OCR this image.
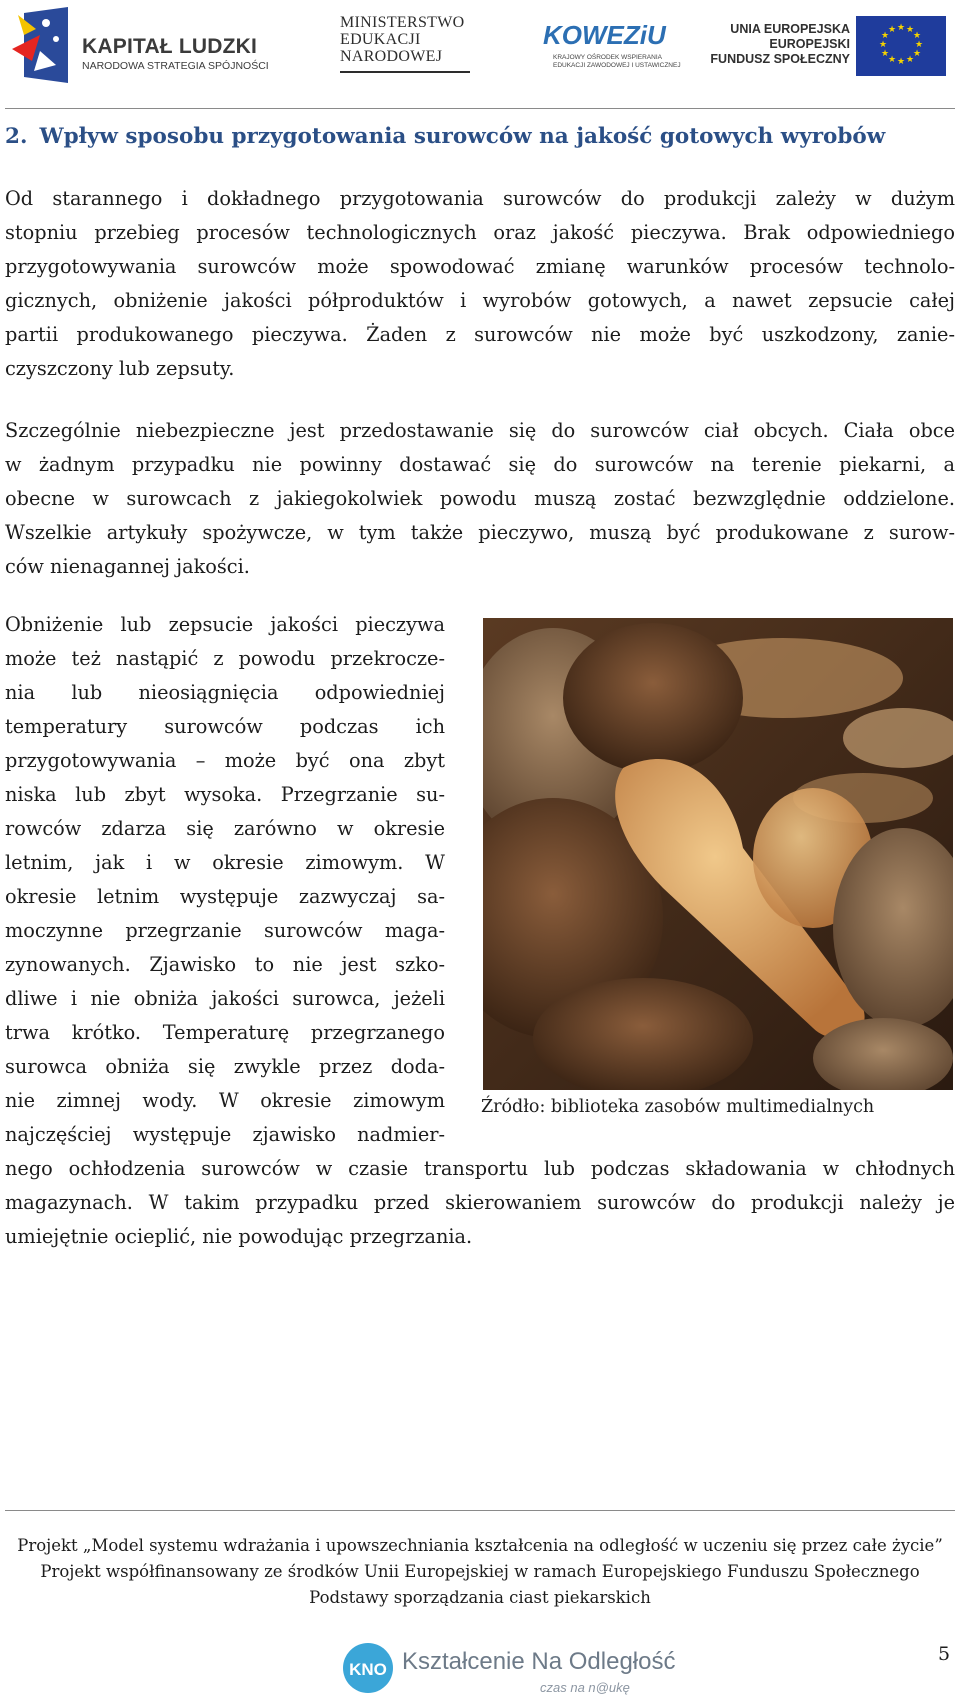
KAPITAŁ LUDZKI
NARODOWA STRATEGIA SPÓJNOŚCI
MINISTERSTWO
EDUKACJI
NARODOWEJ
KOWEZiU
KRAJOWY OŚRODEK WSPIERANIA
EDUKACJI ZAWODOWEJ I USTAWICZNEJ
UNIA EUROPEJSKA
EUROPEJSKI
FUNDUSZ SPOŁECZNY
★ ★
★
★
★
★
★
★
★
★
★
★
2. Wpływ sposobu przygotowania surowców na jakość gotowych wyrobów

Od starannego i dokładnego przygotowania surowców do produkcji zależy w dużym
stopniu przebieg procesów technologicznych oraz jakość pieczywa. Brak odpowiedniego
przygotowywania surowców może spowodować zmianę warunków procesów technolo-
gicznych, obniżenie jakości półproduktów i wyrobów gotowych, a nawet zepsucie całej
partii produkowanego pieczywa. Żaden z surowców nie może być uszkodzony, zanie-
czyszczony lub zepsuty.

Szczególnie niebezpieczne jest przedostawanie się do surowców ciał obcych. Ciała obce
w żadnym przypadku nie powinny dostawać się do surowców na terenie piekarni, a
obecne w surowcach z jakiegokolwiek powodu muszą zostać bezwzględnie oddzielone.
Wszelkie artykuły spożywcze, w tym także pieczywo, muszą być produkowane z surow-
ców nienagannej jakości.

Obniżenie lub zepsucie jakości pieczywa
może też nastąpić z powodu przekrocze-
nia lub nieosiągnięcia odpowiedniej
temperatury surowców podczas ich
przygotowywania – może być ona zbyt
niska lub zbyt wysoka. Przegrzanie su-
rowców zdarza się zarówno w okresie
letnim, jak i w okresie zimowym. W
okresie letnim występuje zazwyczaj sa-
moczynne przegrzanie surowców maga-
zynowanych. Zjawisko to nie jest szko-
dliwe i nie obniża jakości surowca, jeżeli
trwa krótko. Temperaturę przegrzanego
surowca obniża się zwykle przez doda-
nie zimnej wody. W okresie zimowym
najczęściej występuje zjawisko nadmier-

Źródło: biblioteka zasobów multimedialnych

nego ochłodzenia surowców w czasie transportu lub podczas składowania w chłodnych
magazynach. W takim przypadku przed skierowaniem surowców do produkcji należy je
umiejętnie ocieplić, nie powodując przegrzania.

Projekt „Model systemu wdrażania i upowszechniania kształcenia na odległość w uczeniu się przez całe życie”
Projekt współfinansowany ze środków Unii Europejskiej w ramach Europejskiego Funduszu Społecznego
Podstawy sporządzania ciast piekarskich
5
KNO Kształcenie Na Odległość
czas na n@ukę
